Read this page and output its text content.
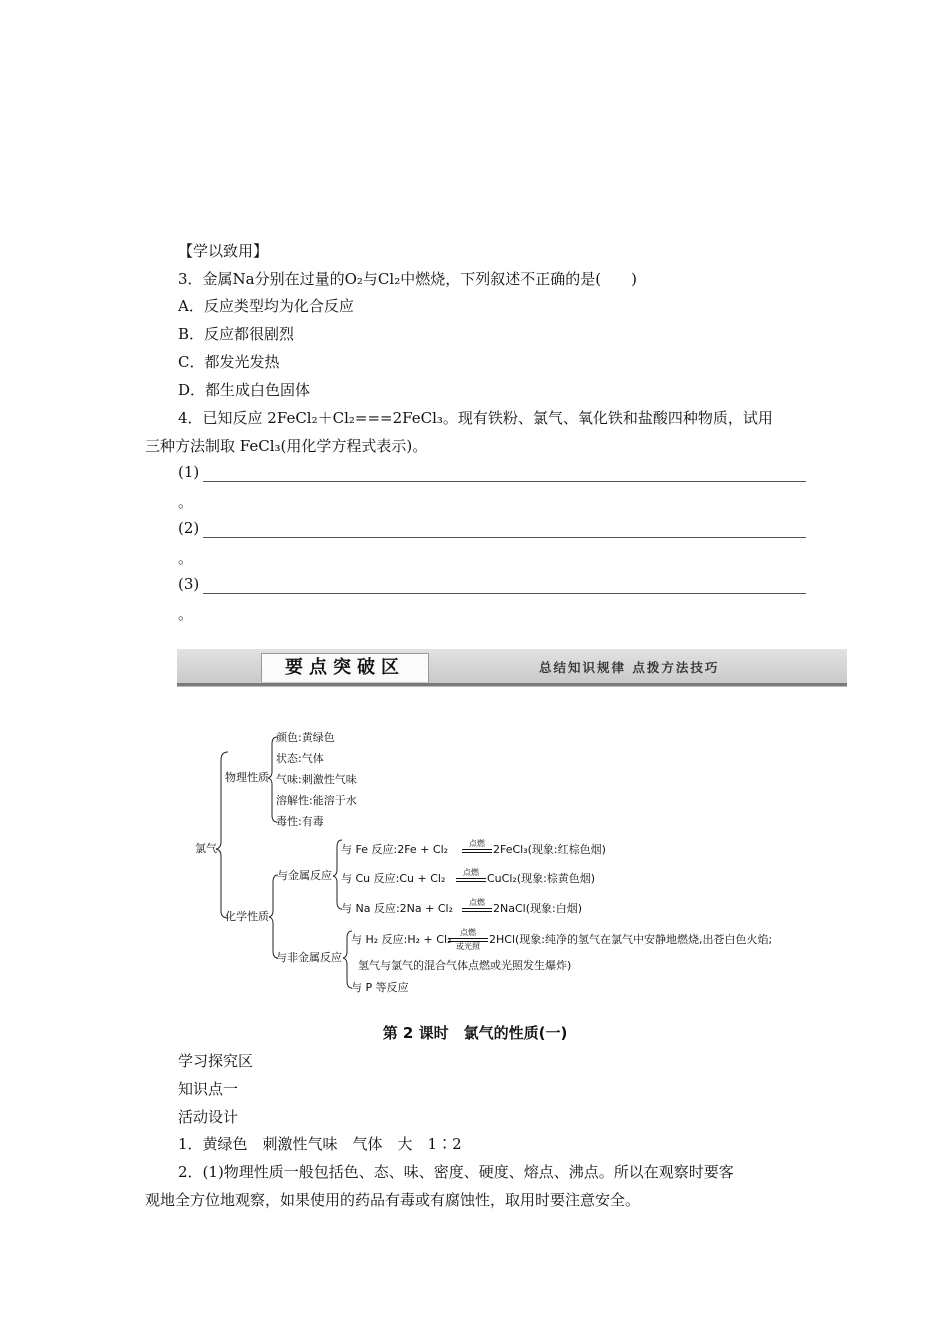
【学以致用】
3．金属Na分别在过量的O₂与Cl₂中燃烧，下列叙述不正确的是(　　)
A．反应类型均为化合反应
B．反应都很剧烈
C．都发光发热
D．都生成白色固体
4．已知反应 2FeCl₂＋Cl₂===2FeCl₃。现有铁粉、氯气、氧化铁和盐酸四种物质，试用
三种方法制取 FeCl₃(用化学方程式表示)。
(1)
。
(2)
。
(3)
。
要点突破区	总结知识规律 点拨方法技巧
氯气
物理性质
颜色:黄绿色
状态:气体
气味:刺激性气味
溶解性:能溶于水
毒性:有毒
化学性质
与金属反应
与非金属反应
与 Fe 反应:2Fe + Cl₂	点燃 2FeCl₃(现象:红棕色烟)
与 Cu 反应:Cu + Cl₂	点燃 CuCl₂(现象:棕黄色烟)
与 Na 反应:2Na + Cl₂	点燃 2NaCl(现象:白烟)
与 H₂ 反应:H₂ + Cl₂
点燃
或光照
2HCl(现象:纯净的氢气在氯气中安静地燃烧,出苍白色火焰;
氢气与氯气的混合气体点燃或光照发生爆炸)
与 P 等反应
第 2 课时　氯气的性质(一)
学习探究区
知识点一
活动设计
1．黄绿色　刺激性气味　气体　大　1∶2
2．(1)物理性质一般包括色、态、味、密度、硬度、熔点、沸点。所以在观察时要客
观地全方位地观察，如果使用的药品有毒或有腐蚀性，取用时要注意安全。
